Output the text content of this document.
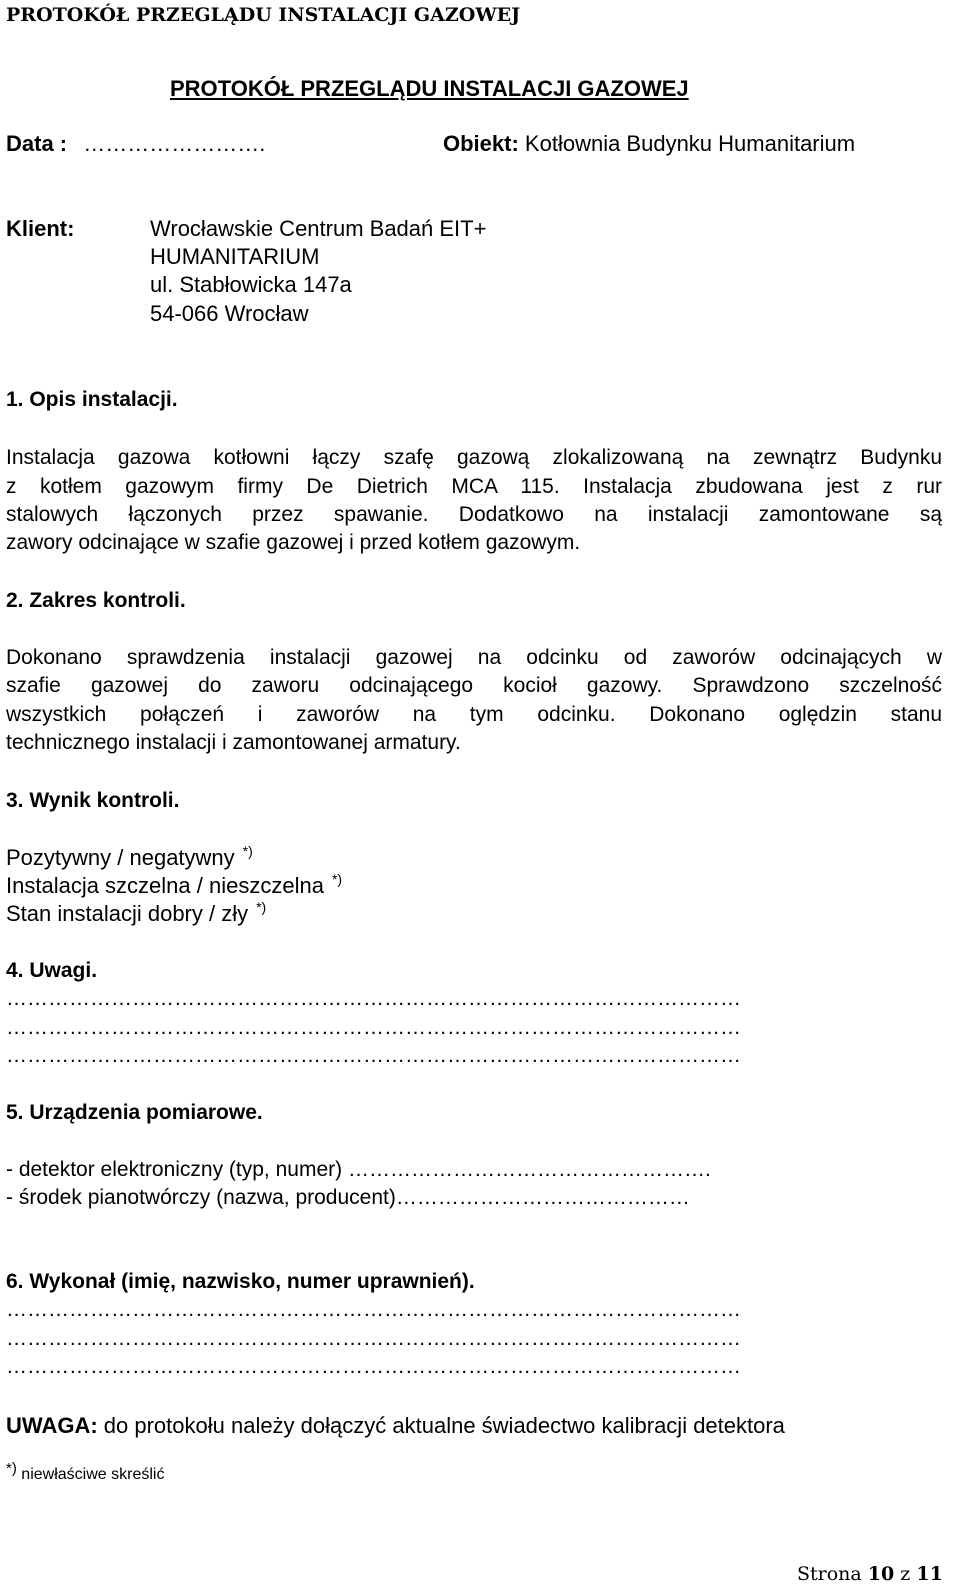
PROTOKÓŁ PRZEGLĄDU INSTALACJI GAZOWEJ
PROTOKÓŁ PRZEGLĄDU INSTALACJI GAZOWEJ
Data : …………………….	Obiekt: Kotłownia Budynku Humanitarium
Klient:	Wrocławskie Centrum Badań EIT+
HUMANITARIUM
ul. Stabłowicka 147a
54-066 Wrocław
1. Opis instalacji.
Instalacja gazowa kotłowni łączy szafę gazową zlokalizowaną na zewnątrz Budynku
z kotłem gazowym firmy De Dietrich MCA 115. Instalacja zbudowana jest z rur
stalowych łączonych przez spawanie. Dodatkowo na instalacji zamontowane są
zawory odcinające w szafie gazowej i przed kotłem gazowym.
2. Zakres kontroli.
Dokonano sprawdzenia instalacji gazowej na odcinku od zaworów odcinających w
szafie gazowej do zaworu odcinającego kocioł gazowy. Sprawdzono szczelność
wszystkich połączeń i zaworów na tym odcinku. Dokonano oględzin stanu
technicznego instalacji i zamontowanej armatury.
3. Wynik kontroli.
Pozytywny / negatywny *)
Instalacja szczelna / nieszczelna *)
Stan instalacji dobry / zły *)
4. Uwagi.
……………………………………………………………………………………………
……………………………………………………………………………………………
……………………………………………………………………………………………
5. Urządzenia pomiarowe.
- detektor elektroniczny (typ, numer) …………………………………………….
- środek pianotwórczy (nazwa, producent)……………………………………
6. Wykonał (imię, nazwisko, numer uprawnień).
……………………………………………………………………………………………
……………………………………………………………………………………………
……………………………………………………………………………………………
UWAGA: do protokołu należy dołączyć aktualne świadectwo kalibracji detektora
*) niewłaściwe skreślić
Strona 10 z 11
